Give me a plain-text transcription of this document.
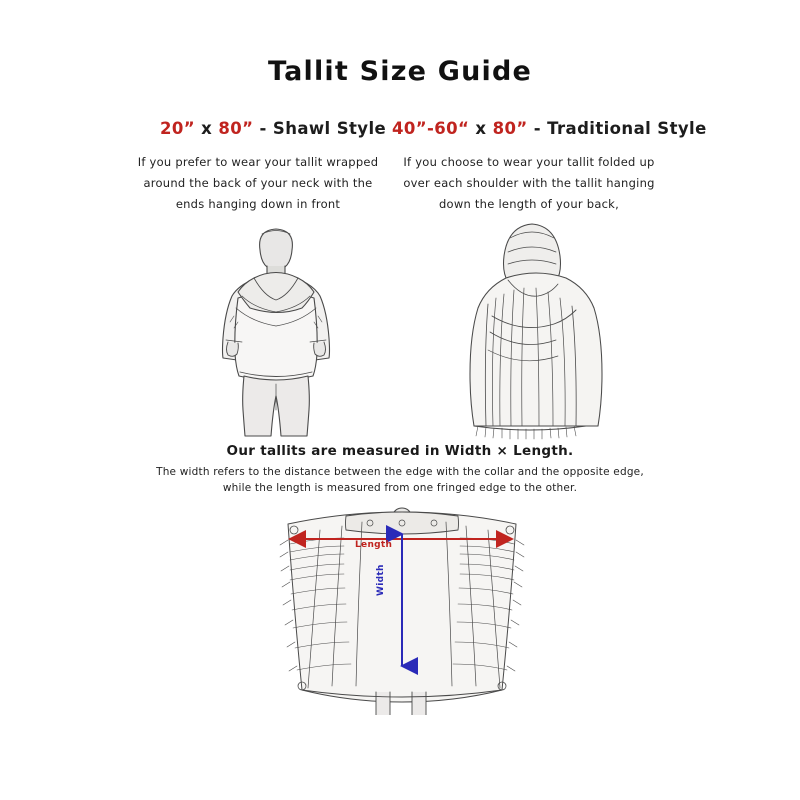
Tallit Size Guide
20” x 80” - Shawl Style 40”-60“ x 80” - Traditional Style
If you prefer to wear your tallit wrapped around the back of your neck with the ends hanging down in front
If you choose to wear your tallit folded up over each shoulder with the tallit hanging down the length of your back,
Our tallits are measured in Width × Length.
The width refers to the distance between the edge with the collar and the opposite edge, while the length is measured from one fringed edge to the other.
Length
Width
